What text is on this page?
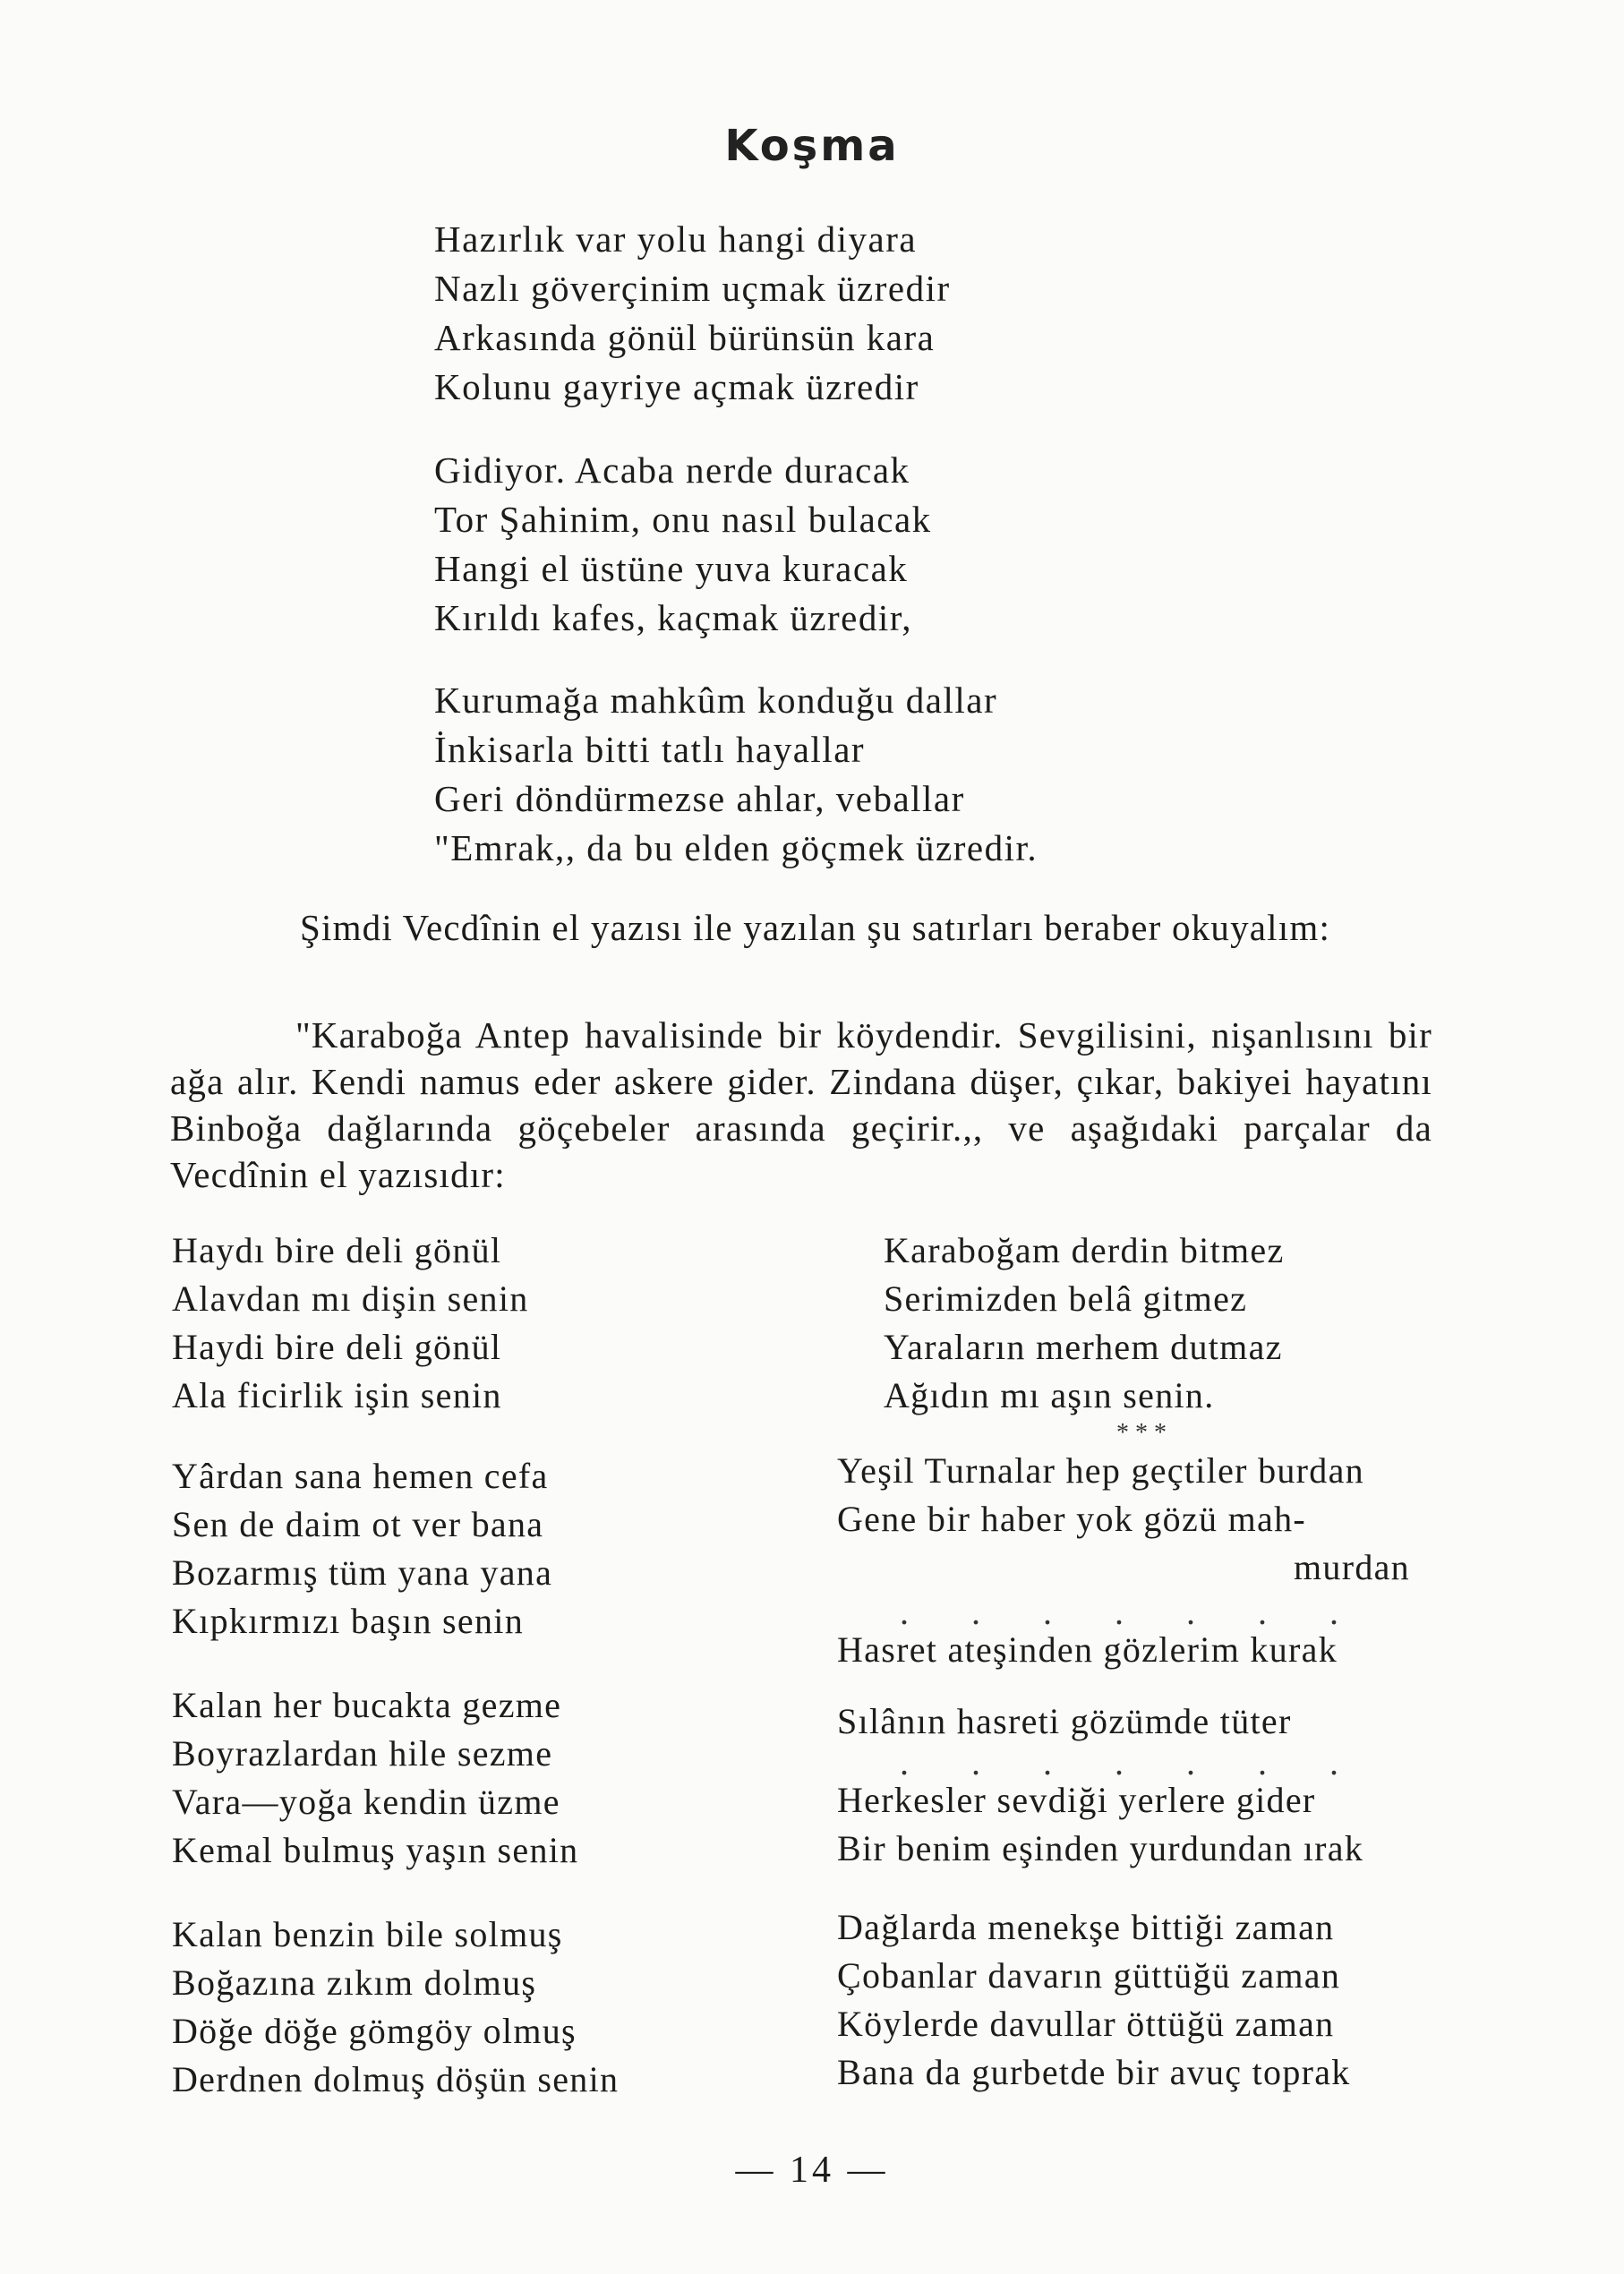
Koşma
Hazırlık var yolu hangi diyara
Nazlı göverçinim uçmak üzredir
Arkasında gönül bürünsün kara
Kolunu gayriye açmak üzredir
Gidiyor. Acaba nerde duracak
Tor Şahinim, onu nasıl bulacak
Hangi el üstüne yuva kuracak
Kırıldı kafes, kaçmak üzredir,
Kurumağa mahkûm konduğu dallar
İnkisarla bitti tatlı hayallar
Geri döndürmezse ahlar, veballar
"Emrak,, da bu elden göçmek üzredir.
Şimdi Vecdînin el yazısı ile yazılan şu satırları beraber okuyalım:
"Karaboğa Antep havalisinde bir köydendir. Sevgilisini, nişanlısını bir ağa alır. Kendi namus eder askere gider. Zindana düşer, çıkar, bakiyei hayatını Binboğa dağlarında göçebeler arasında geçirir.,, ve aşağıdaki parçalar da Vecdînin el yazısıdır:
Haydı bire deli gönül
Alavdan mı dişin senin
Haydi bire deli gönül
Ala ficirlik işin senin
Yârdan sana hemen cefa
Sen de daim ot ver bana
Bozarmış tüm yana yana
Kıpkırmızı başın senin
Kalan her bucakta gezme
Boyrazlardan hile sezme
Vara—yoğa kendin üzme
Kemal bulmuş yaşın senin
Kalan benzin bile solmuş
Boğazına zıkım dolmuş
Döğe döğe gömgöy olmuş
Derdnen dolmuş döşün senin
Karaboğam derdin bitmez
Serimizden belâ gitmez
Yaraların merhem dutmaz
Ağıdın mı aşın senin.
* * *
Yeşil Turnalar hep geçtiler burdan
Gene bir haber yok gözü mah-
murdan
. . . . . . .
Hasret ateşinden gözlerim kurak
Sılânın hasreti gözümde tüter
. . . . . . .
Herkesler sevdiği yerlere gider
Bir benim eşinden yurdundan ırak
Dağlarda menekşe bittiği zaman
Çobanlar davarın güttüğü zaman
Köylerde davullar öttüğü zaman
Bana da gurbetde bir avuç toprak
— 14 —
